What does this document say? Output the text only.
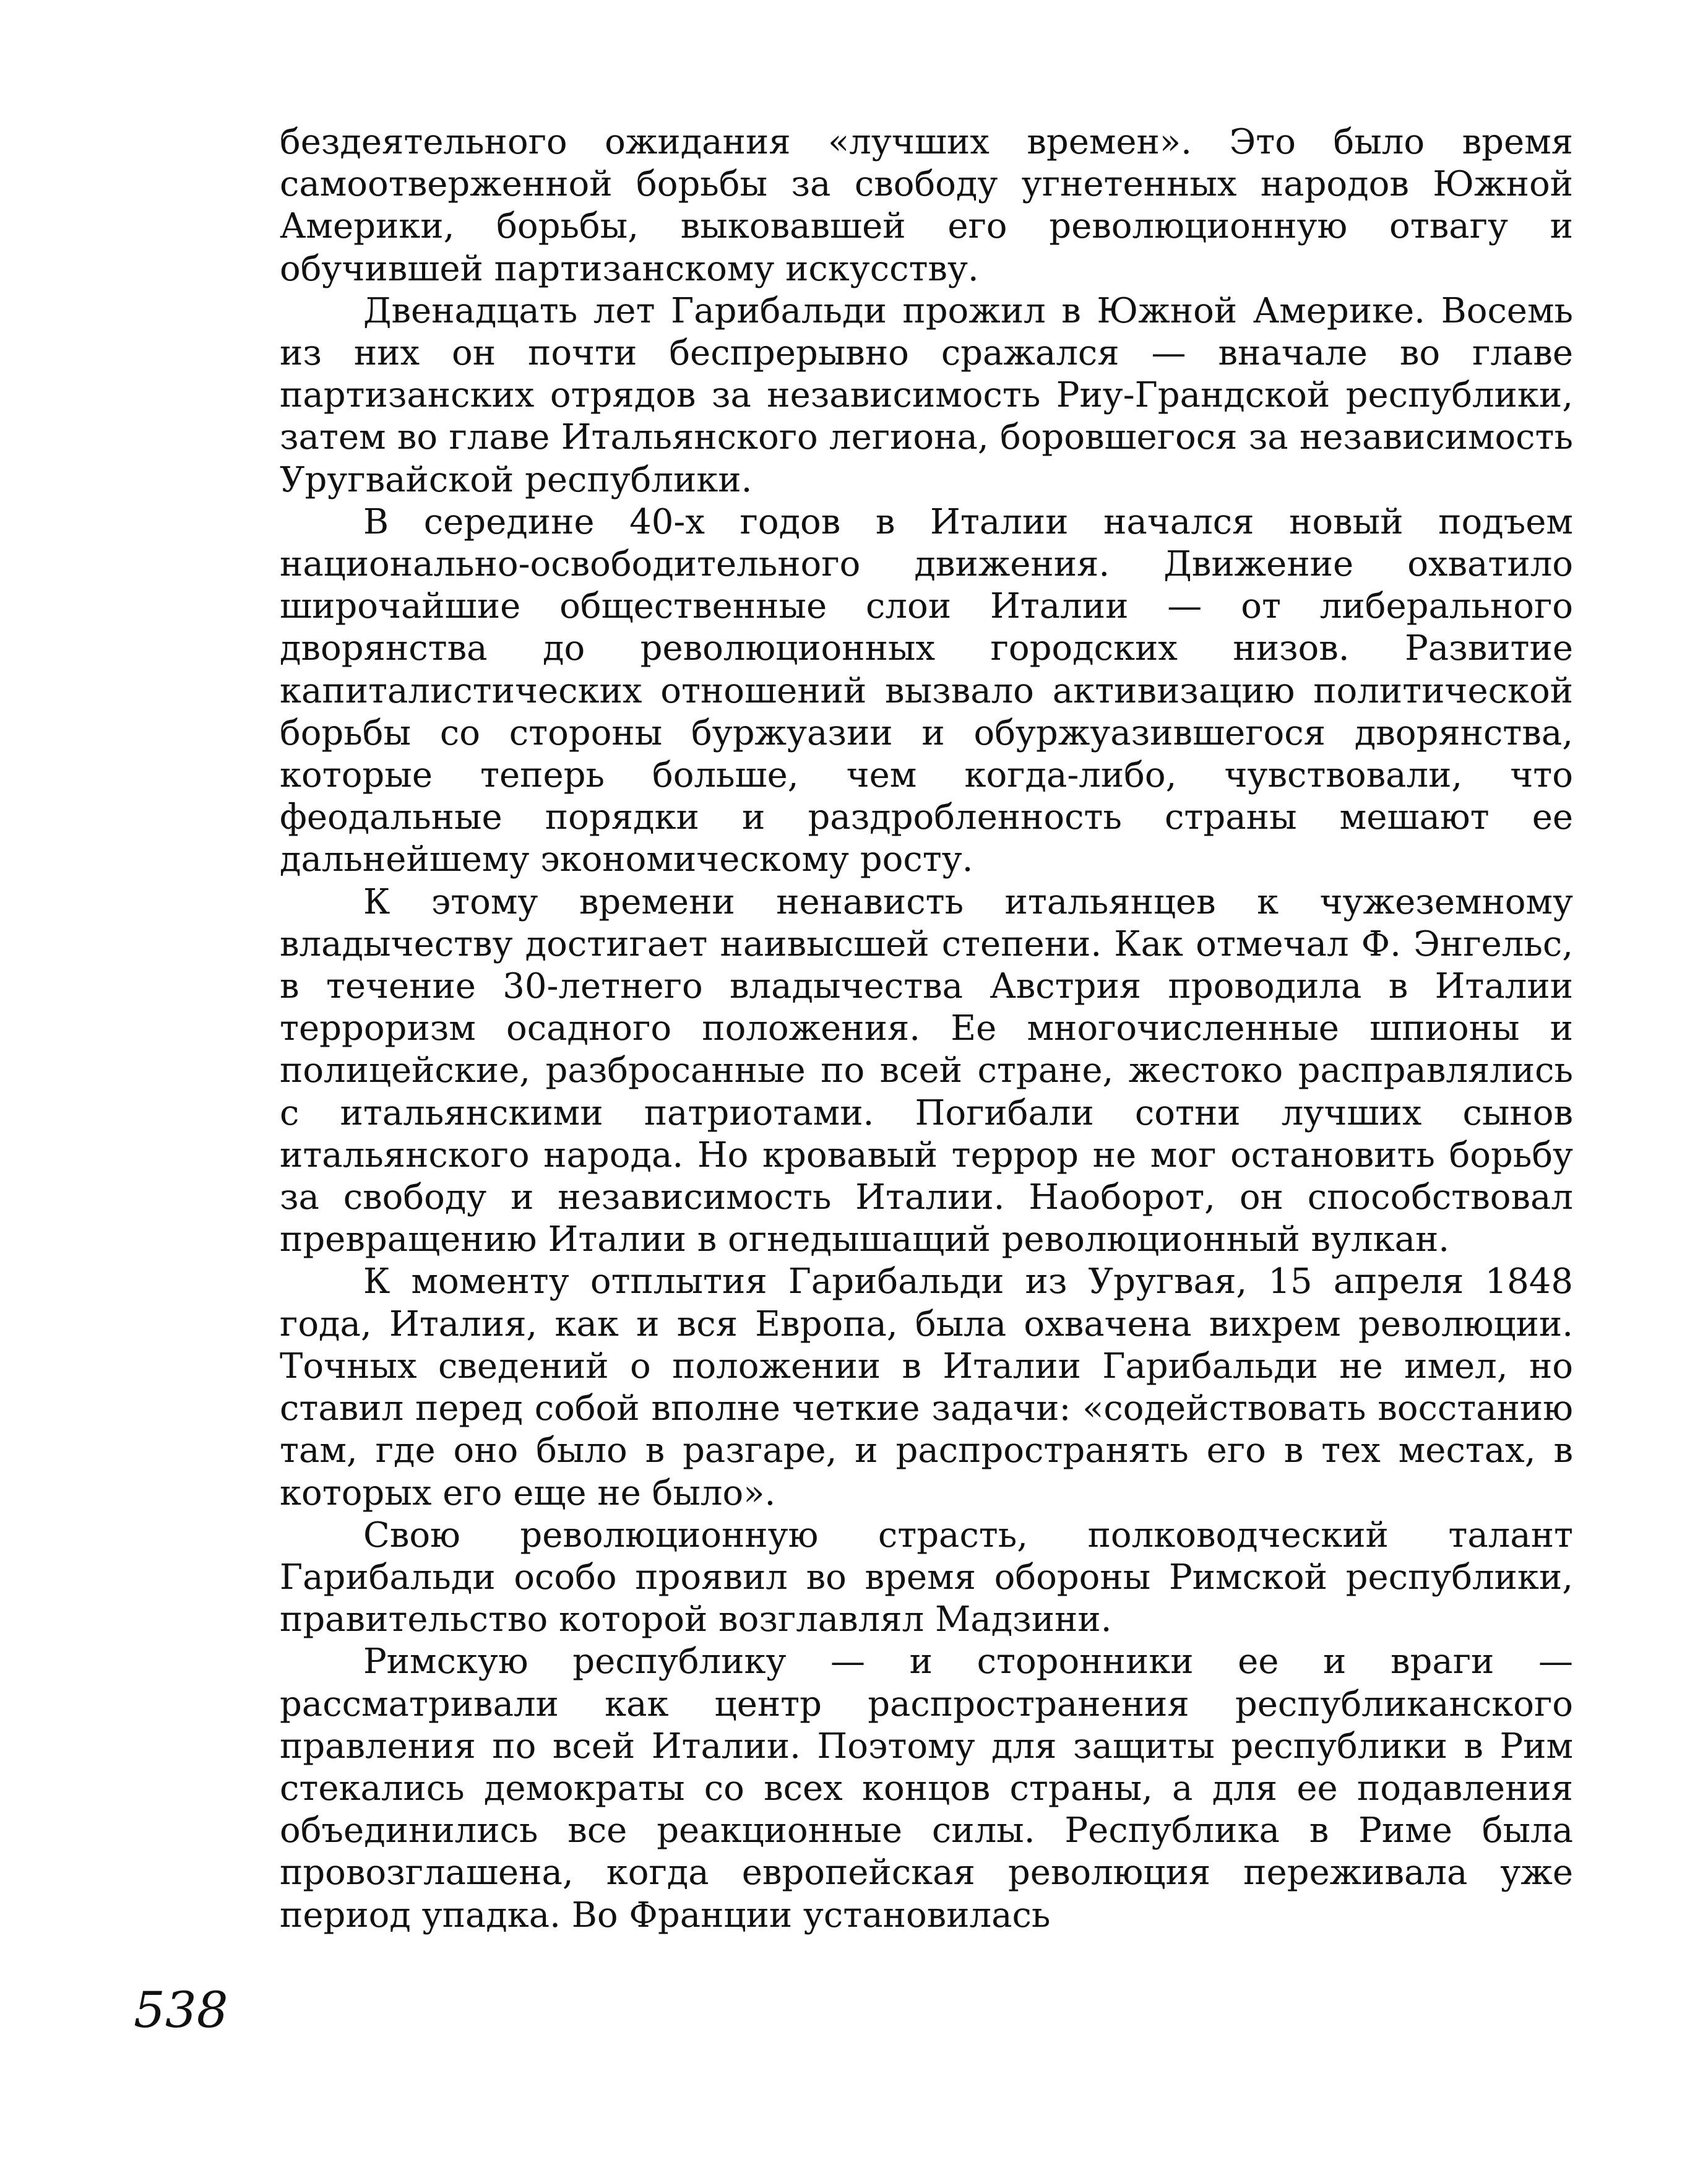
бездеятельного ожидания «лучших времен». Это было время самоотверженной борьбы за свободу угнетенных народов Южной Америки, борьбы, выковавшей его революционную отвагу и обучившей партизанскому искусству.

Двенадцать лет Гарибальди прожил в Южной Америке. Восемь из них он почти беспрерывно сражался — вначале во главе партизанских отрядов за независимость Риу-Грандской республики, затем во главе Итальянского легиона, боровшегося за независимость Уругвайской республики.

В середине 40-х годов в Италии начался новый подъем национально-освободительного движения. Движение охватило широчайшие общественные слои Италии — от либерального дворянства до революционных городских низов. Развитие капиталистических отношений вызвало активизацию политической борьбы со стороны буржуазии и обуржуазившегося дворянства, которые теперь больше, чем когда-либо, чувствовали, что феодальные порядки и раздробленность страны мешают ее дальнейшему экономическому росту.

К этому времени ненависть итальянцев к чужеземному владычеству достигает наивысшей степени. Как отмечал Ф. Энгельс, в течение 30-летнего владычества Австрия проводила в Италии терроризм осадного положения. Ее многочисленные шпионы и полицейские, разбросанные по всей стране, жестоко расправлялись с итальянскими патриотами. Погибали сотни лучших сынов итальянского народа. Но кровавый террор не мог остановить борьбу за свободу и независимость Италии. Наоборот, он способствовал превращению Италии в огнедышащий революционный вулкан.

К моменту отплытия Гарибальди из Уругвая, 15 апреля 1848 года, Италия, как и вся Европа, была охвачена вихрем революции. Точных сведений о положении в Италии Гарибальди не имел, но ставил перед собой вполне четкие задачи: «содействовать восстанию там, где оно было в разгаре, и распространять его в тех местах, в которых его еще не было».

Свою революционную страсть, полководческий талант Гарибальди особо проявил во время обороны Римской республики, правительство которой возглавлял Мадзини.

Римскую республику — и сторонники ее и враги — рассматривали как центр распространения республиканского правления по всей Италии. Поэтому для защиты республики в Рим стекались демократы со всех концов страны, а для ее подавления объединились все реакционные силы. Республика в Риме была провозглашена, когда европейская революция переживала уже период упадка. Во Франции установилась

538
